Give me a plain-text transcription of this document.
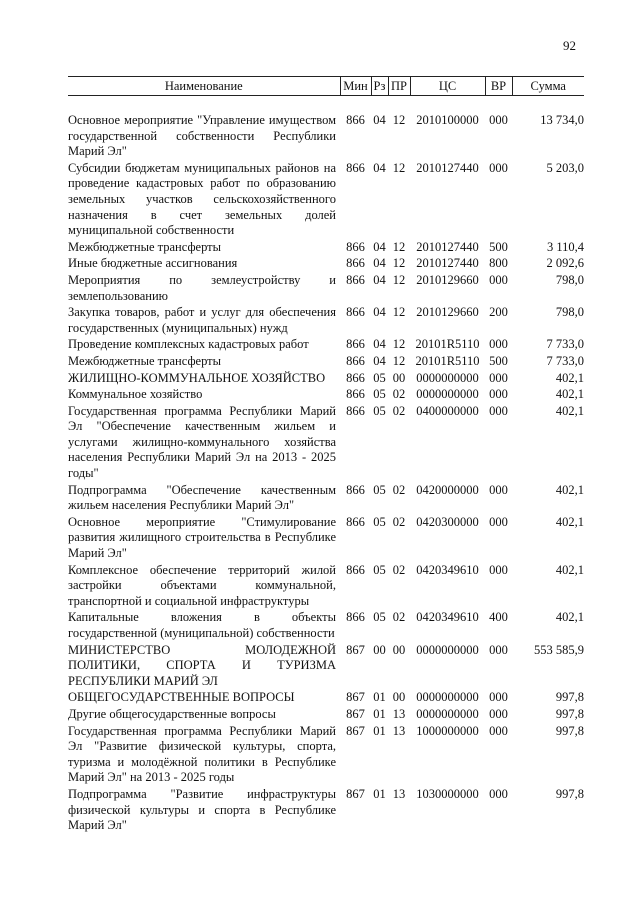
92
Наименование	Мин	Рз	ПР	ЦС	ВР	Сумма

Основное мероприятие "Управление имуществом государственной собственности Республики Марий Эл"	866	04	12	2010100000	000	13 734,0
Субсидии бюджетам муниципальных районов на проведение кадастровых работ по образованию земельных участков сельскохозяйственного назначения в счет земельных долей муниципальной собственности	866	04	12	2010127440	000	5 203,0
Межбюджетные трансферты	866	04	12	2010127440	500	3 110,4
Иные бюджетные ассигнования	866	04	12	2010127440	800	2 092,6
Мероприятия по землеустройству и землепользованию	866	04	12	2010129660	000	798,0
Закупка товаров, работ и услуг для обеспечения государственных (муниципальных) нужд	866	04	12	2010129660	200	798,0
Проведение комплексных кадастровых работ	866	04	12	20101R5110	000	7 733,0
Межбюджетные трансферты	866	04	12	20101R5110	500	7 733,0
ЖИЛИЩНО-КОММУНАЛЬНОЕ ХОЗЯЙСТВО	866	05	00	0000000000	000	402,1
Коммунальное хозяйство	866	05	02	0000000000	000	402,1
Государственная программа Республики Марий Эл "Обеспечение качественным жильем и услугами жилищно-коммунального хозяйства населения Республики Марий Эл на 2013 - 2025 годы"	866	05	02	0400000000	000	402,1
Подпрограмма "Обеспечение качественным жильем населения Республики Марий Эл"	866	05	02	0420000000	000	402,1
Основное мероприятие "Стимулирование развития жилищного строительства в Республике Марий Эл"	866	05	02	0420300000	000	402,1
Комплексное обеспечение территорий жилой застройки объектами коммунальной, транспортной и социальной инфраструктуры	866	05	02	0420349610	000	402,1
Капитальные вложения в объекты государственной (муниципальной) собственности	866	05	02	0420349610	400	402,1
МИНИСТЕРСТВО МОЛОДЕЖНОЙ ПОЛИТИКИ, СПОРТА И ТУРИЗМА РЕСПУБЛИКИ МАРИЙ ЭЛ	867	00	00	0000000000	000	553 585,9
ОБЩЕГОСУДАРСТВЕННЫЕ ВОПРОСЫ	867	01	00	0000000000	000	997,8
Другие общегосударственные вопросы	867	01	13	0000000000	000	997,8
Государственная программа Республики Марий Эл "Развитие физической культуры, спорта, туризма и молодёжной политики в Республике Марий Эл" на 2013 - 2025 годы	867	01	13	1000000000	000	997,8
Подпрограмма "Развитие инфраструктуры физической культуры и спорта в Республике Марий Эл"	867	01	13	1030000000	000	997,8
